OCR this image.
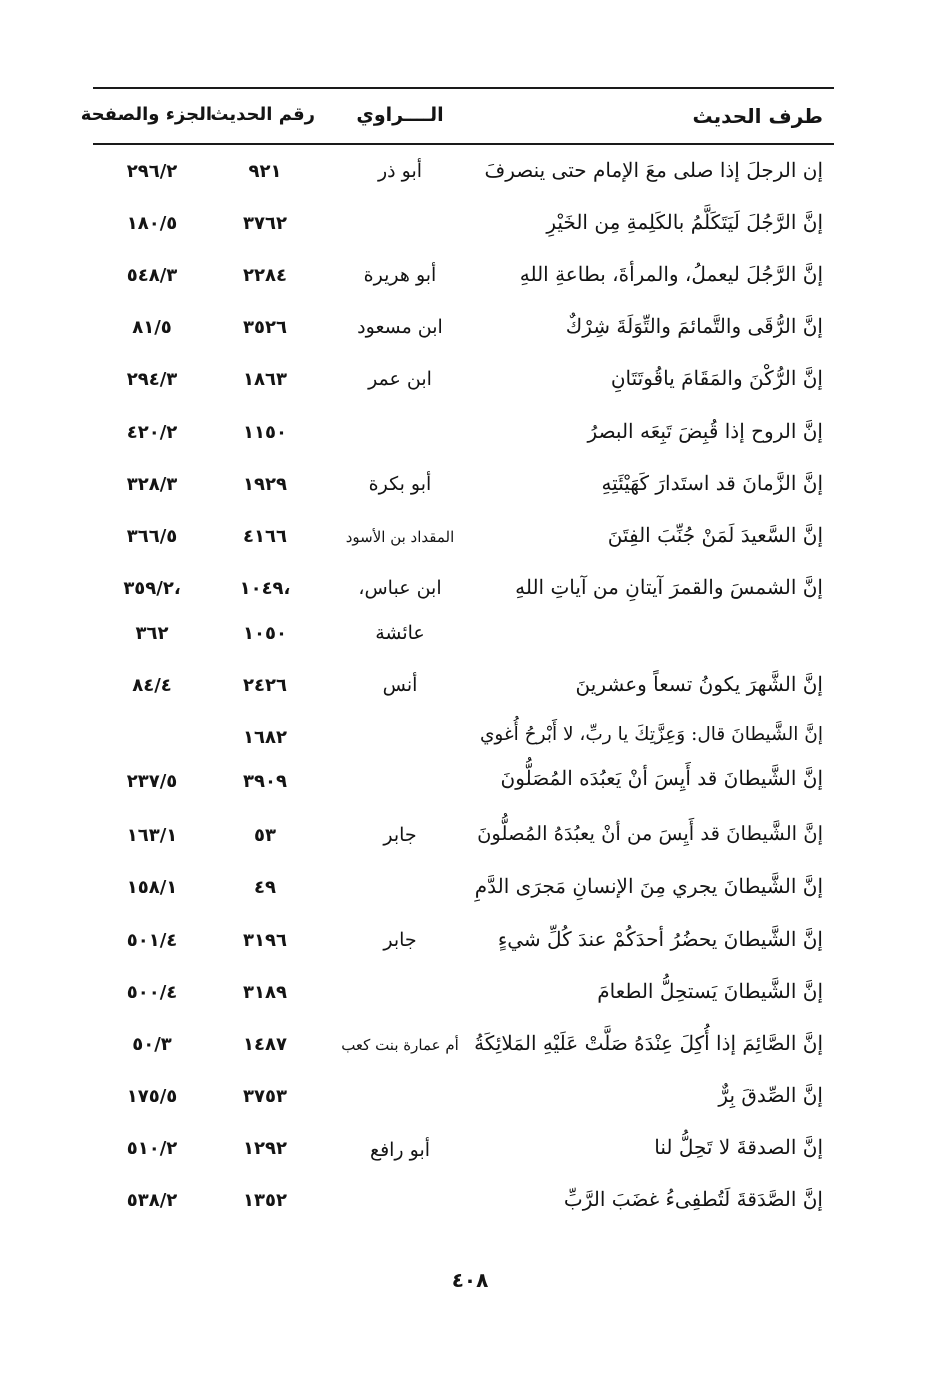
طرف الحديث
الــــراوي
رقم الحديث
الجزء والصفحة
إن الرجلَ إذا صلى معَ الإمام حتى ينصرفَ
أبو ذر
٩٢١
٢٩٦/٢
إنَّ الرَّجُلَ لَيَتَكَلَّمُ بالكَلِمةِ مِن الخَيْرِ
٣٧٦٢
١٨٠/٥
إنَّ الرَّجُلَ ليعملُ، والمرأةَ، بطاعةِ اللهِ
أبو هريرة
٢٢٨٤
٥٤٨/٣
إنَّ الرُّقَى والتَّمائمَ والتِّوَلَةَ شِرْكٌ
ابن مسعود
٣٥٢٦
٨١/٥
إنَّ الرُّكْنَ والمَقَامَ ياقُوتَتَانِ
ابن عمر
١٨٦٣
٢٩٤/٣
إنَّ الروح إذا قُبِضَ تَبِعَه البصرُ
١١٥٠
٤٢٠/٢
إنَّ الزَّمانَ قد استَدارَ كَهَيْئَتِهِ
أبو بكرة
١٩٢٩
٣٢٨/٣
إنَّ السَّعيدَ لَمَنْ جُنِّبَ الفِتَنَ
المقداد بن الأسود
٤١٦٦
٣٦٦/٥
إنَّ الشمسَ والقمرَ آيتانِ من آياتِ اللهِ
ابن عباس،
١٠٤٩،
٣٥٩/٢،
عائشة
١٠٥٠
٣٦٢
إنَّ الشَّهرَ يكونُ تسعاً وعشرينَ
أنس
٢٤٢٦
٨٤/٤
إنَّ الشَّيطانَ قال: وَعِزَّتِكَ يا ربِّ، لا أَبْرحُ أُغوي
١٦٨٢
إنَّ الشَّيطانَ قد أَيِسَ أنْ يَعبُدَه المُصَلُّونَ
٣٩٠٩
٢٣٧/٥
إنَّ الشَّيطانَ قد أَيِسَ من أنْ يعبُدَهُ المُصلُّونَ
جابر
٥٣
١٦٣/١
إنَّ الشَّيطانَ يجري مِنَ الإنسانِ مَجرَى الدَّمِ
٤٩
١٥٨/١
إنَّ الشَّيطانَ يحضُرُ أحدَكُمْ عندَ كُلِّ شيءٍ
جابر
٣١٩٦
٥٠١/٤
إنَّ الشَّيطانَ يَستحِلُّ الطعامَ
٣١٨٩
٥٠٠/٤
إنَّ الصَّائِمَ إذا أُكِلَ عِنْدَهُ صَلَّتْ عَلَيْهِ المَلائِكَةُ
أم عمارة بنت كعب
١٤٨٧
٥٠/٣
إنَّ الصِّدقَ بِرٌّ
٣٧٥٣
١٧٥/٥
إنَّ الصدقةَ لا تَحِلُّ لنا
أبو رافع
١٢٩٢
٥١٠/٢
إنَّ الصَّدَقةَ لَتُطفِىءُ غضَبَ الرَّبِّ
١٣٥٢
٥٣٨/٢
٤٠٨
